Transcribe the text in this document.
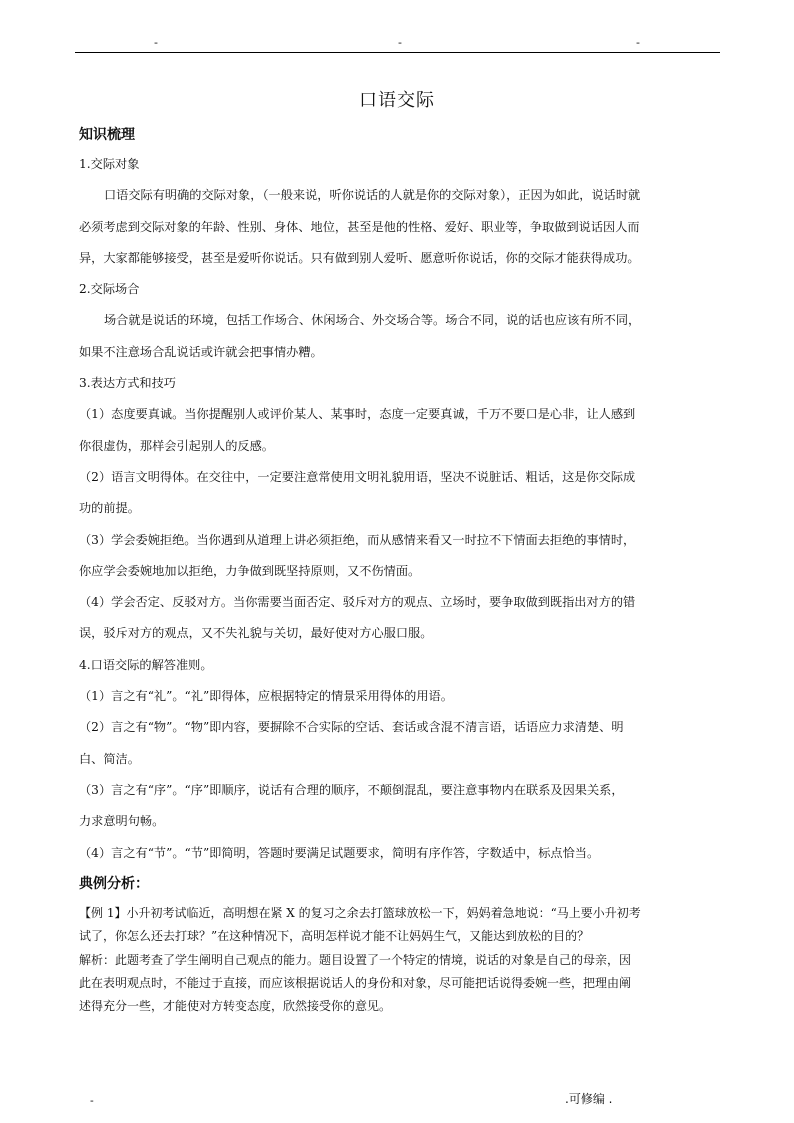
-	-	-
口语交际
知识梳理
1.交际对象
口语交际有明确的交际对象，（一般来说，听你说话的人就是你的交际对象），正因为如此，说话时就
必须考虑到交际对象的年龄、性别、身体、地位，甚至是他的性格、爱好、职业等，争取做到说话因人而
异，大家都能够接受，甚至是爱听你说话。只有做到别人爱听、愿意听你说话，你的交际才能获得成功。
2.交际场合
场合就是说话的环境，包括工作场合、休闲场合、外交场合等。场合不同，说的话也应该有所不同，
如果不注意场合乱说话或许就会把事情办糟。
3.表达方式和技巧
（1）态度要真诚。当你提醒别人或评价某人、某事时，态度一定要真诚，千万不要口是心非，让人感到
你很虚伪，那样会引起别人的反感。
（2）语言文明得体。在交往中，一定要注意常使用文明礼貌用语，坚决不说脏话、粗话，这是你交际成
功的前提。
（3）学会委婉拒绝。当你遇到从道理上讲必须拒绝，而从感情来看又一时拉不下情面去拒绝的事情时，
你应学会委婉地加以拒绝，力争做到既坚持原则，又不伤情面。
（4）学会否定、反驳对方。当你需要当面否定、驳斥对方的观点、立场时，要争取做到既指出对方的错
误，驳斥对方的观点，又不失礼貌与关切，最好使对方心服口服。
4.口语交际的解答准则。
（1）言之有“礼”。“礼”即得体，应根据特定的情景采用得体的用语。
（2）言之有“物”。“物”即内容，要摒除不合实际的空话、套话或含混不清言语，话语应力求清楚、明
白、简洁。
（3）言之有“序”。“序”即顺序，说话有合理的顺序，不颠倒混乱，要注意事物内在联系及因果关系，
力求意明句畅。
（4）言之有“节”。“节”即简明，答题时要满足试题要求，简明有序作答，字数适中，标点恰当。
典例分析：
【例 1】小升初考试临近，高明想在紧 X 的复习之余去打篮球放松一下，妈妈着急地说：“马上要小升初考
试了，你怎么还去打球？”在这种情况下，高明怎样说才能不让妈妈生气，又能达到放松的目的？
解析：此题考查了学生阐明自己观点的能力。题目设置了一个特定的情境，说话的对象是自己的母亲，因
此在表明观点时，不能过于直接，而应该根据说话人的身份和对象，尽可能把话说得委婉一些，把理由阐
述得充分一些，才能使对方转变态度，欣然接受你的意见。
-	.可修编 .
